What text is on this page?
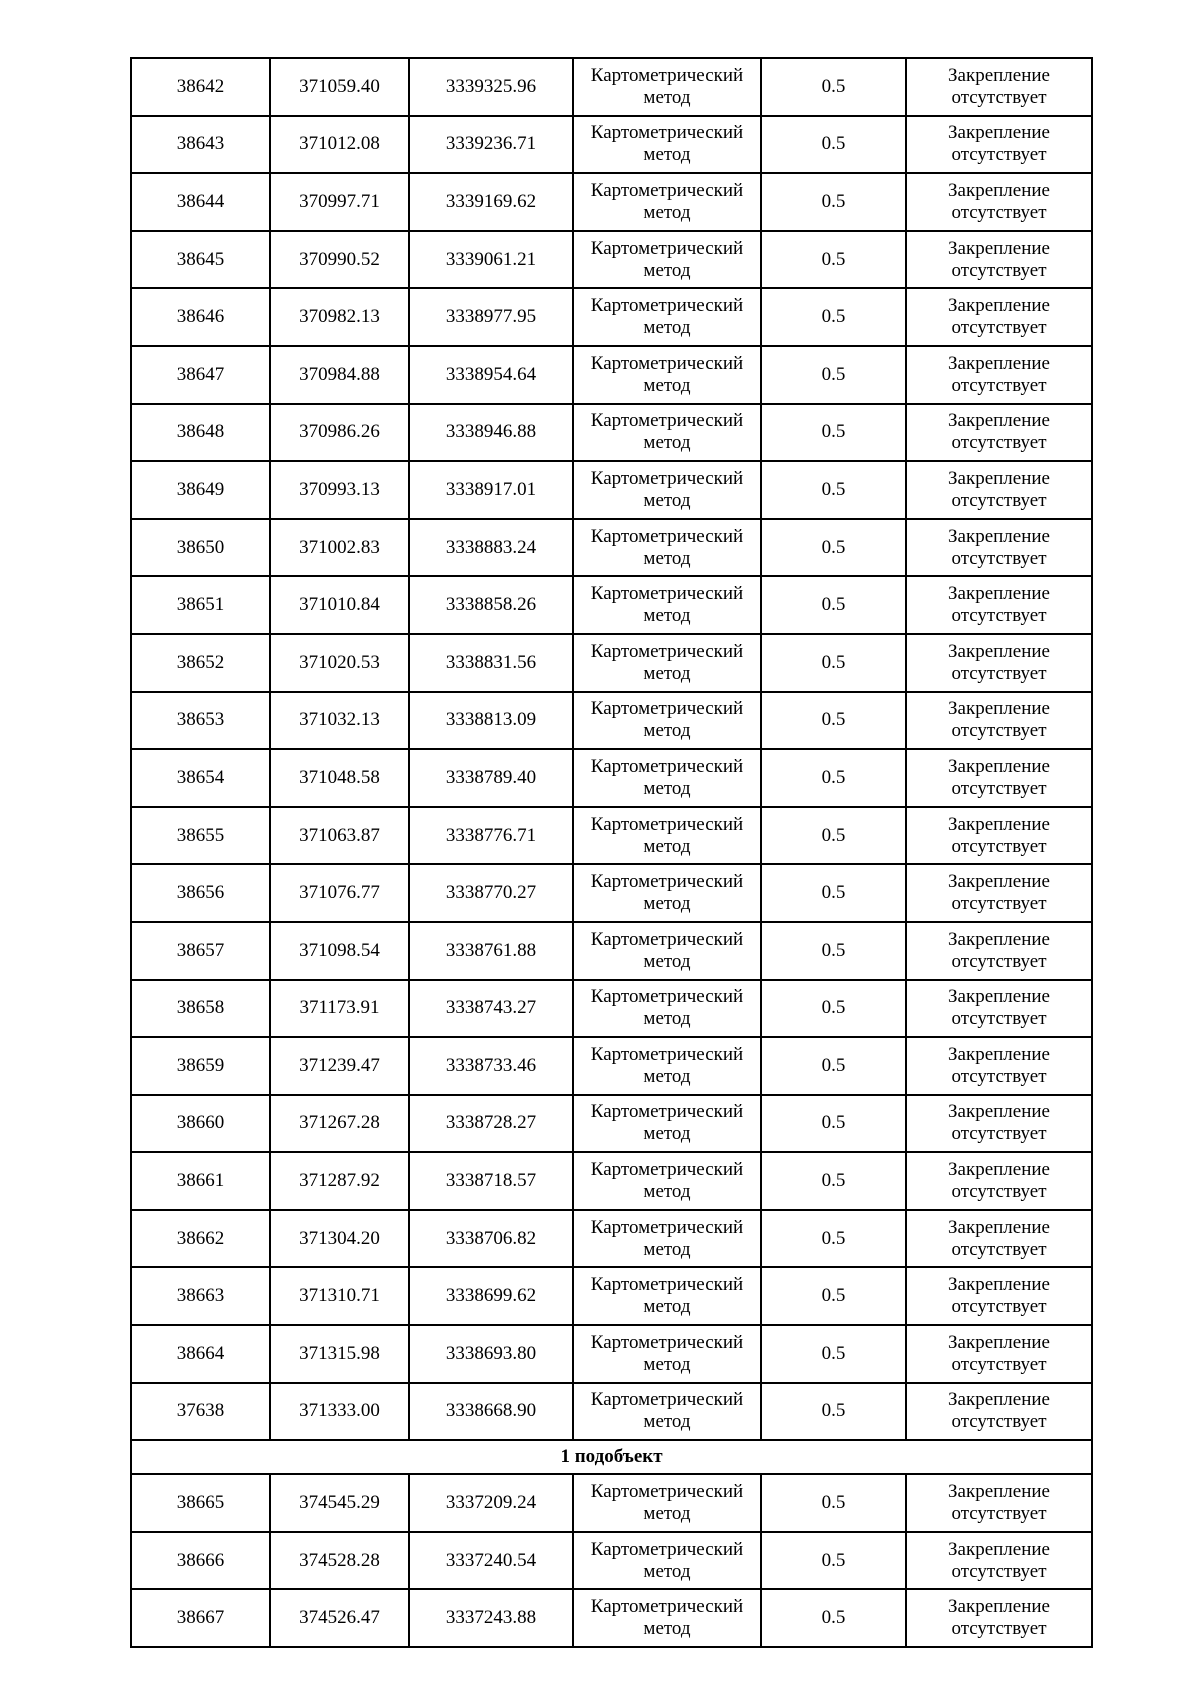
38642	371059.40	3339325.96	Картометрический метод	0.5	Закрепление отсутствует
38643	371012.08	3339236.71	Картометрический метод	0.5	Закрепление отсутствует
38644	370997.71	3339169.62	Картометрический метод	0.5	Закрепление отсутствует
38645	370990.52	3339061.21	Картометрический метод	0.5	Закрепление отсутствует
38646	370982.13	3338977.95	Картометрический метод	0.5	Закрепление отсутствует
38647	370984.88	3338954.64	Картометрический метод	0.5	Закрепление отсутствует
38648	370986.26	3338946.88	Картометрический метод	0.5	Закрепление отсутствует
38649	370993.13	3338917.01	Картометрический метод	0.5	Закрепление отсутствует
38650	371002.83	3338883.24	Картометрический метод	0.5	Закрепление отсутствует
38651	371010.84	3338858.26	Картометрический метод	0.5	Закрепление отсутствует
38652	371020.53	3338831.56	Картометрический метод	0.5	Закрепление отсутствует
38653	371032.13	3338813.09	Картометрический метод	0.5	Закрепление отсутствует
38654	371048.58	3338789.40	Картометрический метод	0.5	Закрепление отсутствует
38655	371063.87	3338776.71	Картометрический метод	0.5	Закрепление отсутствует
38656	371076.77	3338770.27	Картометрический метод	0.5	Закрепление отсутствует
38657	371098.54	3338761.88	Картометрический метод	0.5	Закрепление отсутствует
38658	371173.91	3338743.27	Картометрический метод	0.5	Закрепление отсутствует
38659	371239.47	3338733.46	Картометрический метод	0.5	Закрепление отсутствует
38660	371267.28	3338728.27	Картометрический метод	0.5	Закрепление отсутствует
38661	371287.92	3338718.57	Картометрический метод	0.5	Закрепление отсутствует
38662	371304.20	3338706.82	Картометрический метод	0.5	Закрепление отсутствует
38663	371310.71	3338699.62	Картометрический метод	0.5	Закрепление отсутствует
38664	371315.98	3338693.80	Картометрический метод	0.5	Закрепление отсутствует
37638	371333.00	3338668.90	Картометрический метод	0.5	Закрепление отсутствует
1 подобъект					
38665	374545.29	3337209.24	Картометрический метод	0.5	Закрепление отсутствует
38666	374528.28	3337240.54	Картометрический метод	0.5	Закрепление отсутствует
38667	374526.47	3337243.88	Картометрический метод	0.5	Закрепление отсутствует
